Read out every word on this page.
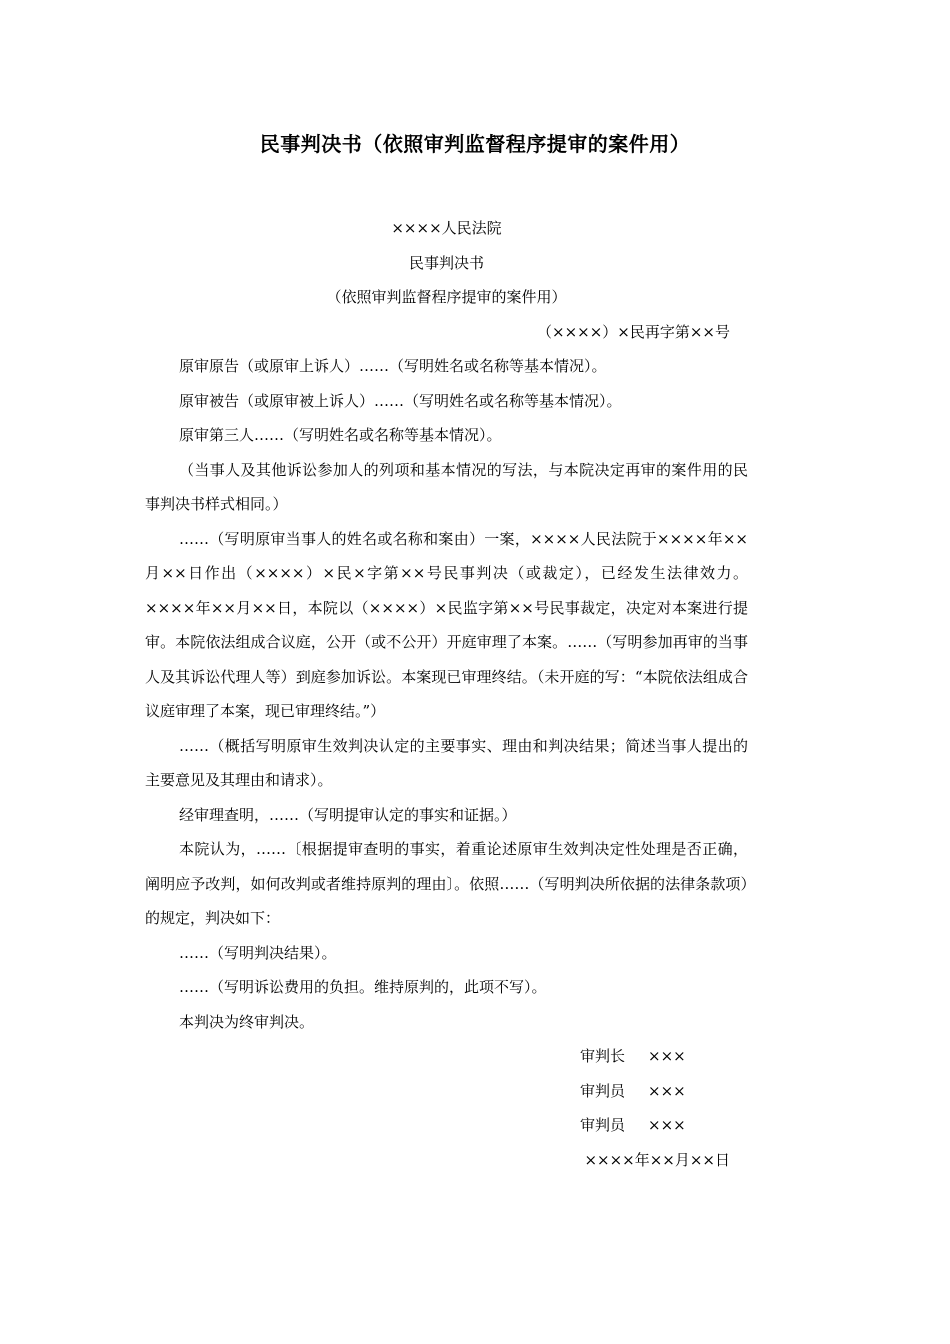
民事判决书（依照审判监督程序提审的案件用）
××××人民法院
民事判决书
（依照审判监督程序提审的案件用）
（××××）×民再字第××号

原审原告（或原审上诉人）……（写明姓名或名称等基本情况）。

原审被告（或原审被上诉人）……（写明姓名或名称等基本情况）。

原审第三人……（写明姓名或名称等基本情况）。

（当事人及其他诉讼参加人的列项和基本情况的写法，与本院决定再审的案件用的民事判决书样式相同。）

……（写明原审当事人的姓名或名称和案由）一案，××××人民法院于××××年××月××日作出（××××）×民×字第××号民事判决（或裁定），已经发生法律效力。××××年××月××日，本院以（××××）×民监字第××号民事裁定，决定对本案进行提审。本院依法组成合议庭，公开（或不公开）开庭审理了本案。……（写明参加再审的当事人及其诉讼代理人等）到庭参加诉讼。本案现已审理终结。（未开庭的写：“本院依法组成合议庭审理了本案，现已审理终结。”）

……（概括写明原审生效判决认定的主要事实、理由和判决结果；简述当事人提出的主要意见及其理由和请求）。

经审理查明，……（写明提审认定的事实和证据。）

本院认为，……〔根据提审查明的事实，着重论述原审生效判决定性处理是否正确，阐明应予改判，如何改判或者维持原判的理由〕。依照……（写明判决所依据的法律条款项）的规定，判决如下：

……（写明判决结果）。

……（写明诉讼费用的负担。维持原判的，此项不写）。

本判决为终审判决。

审判长 ×××
审判员 ×××
审判员 ×××
××××年××月××日
